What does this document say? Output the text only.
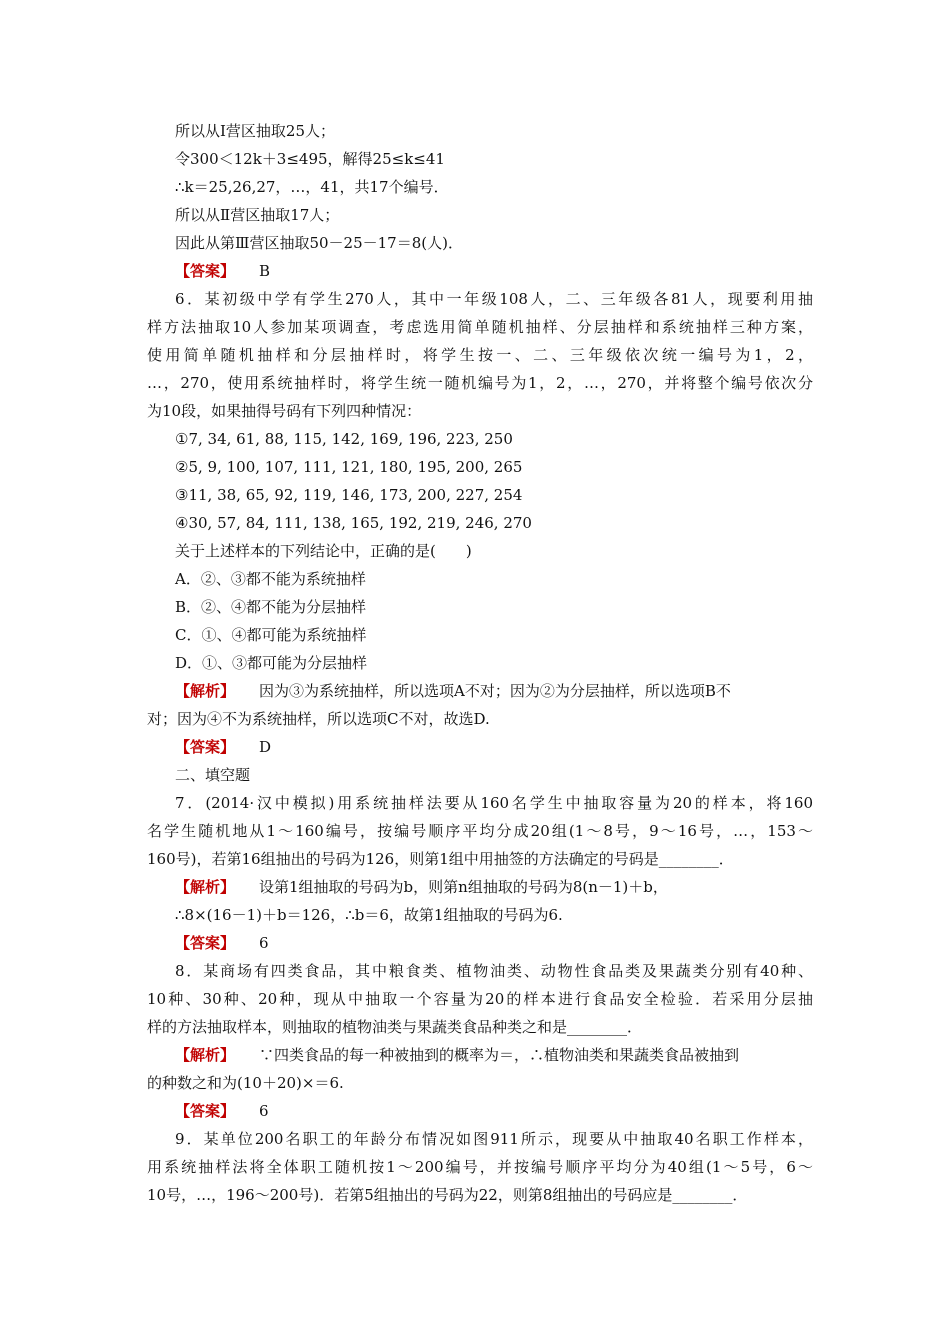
所以从Ⅰ营区抽取25人；
令300＜12k＋3≤495，解得25≤k≤41
∴k＝25,26,27，…，41，共17个编号．
所以从Ⅱ营区抽取17人；
因此从第Ⅲ营区抽取50－25－17＝8(人)．
【答案】 B
6．某初级中学有学生270人，其中一年级108人，二、三年级各81人，现要利用抽
样方法抽取10人参加某项调查，考虑选用简单随机抽样、分层抽样和系统抽样三种方案，
使用简单随机抽样和分层抽样时，将学生按一、二、三年级依次统一编号为1，2，
…，270，使用系统抽样时，将学生统一随机编号为1，2，…，270，并将整个编号依次分
为10段，如果抽得号码有下列四种情况：
①7, 34, 61, 88, 115, 142, 169, 196, 223, 250
②5, 9, 100, 107, 111, 121, 180, 195, 200, 265
③11, 38, 65, 92, 119, 146, 173, 200, 227, 254
④30, 57, 84, 111, 138, 165, 192, 219, 246, 270
关于上述样本的下列结论中，正确的是(　　)
A．②、③都不能为系统抽样
B．②、④都不能为分层抽样
C．①、④都可能为系统抽样
D．①、③都可能为分层抽样
【解析】 因为③为系统抽样，所以选项A不对；因为②为分层抽样，所以选项B不
对；因为④不为系统抽样，所以选项C不对，故选D.
【答案】 D
二、填空题
7．(2014·汉中模拟)用系统抽样法要从160名学生中抽取容量为20的样本，将160
名学生随机地从1～160编号，按编号顺序平均分成20组(1～8号，9～16号，…，153～
160号)，若第16组抽出的号码为126，则第1组中用抽签的方法确定的号码是________．
【解析】 设第1组抽取的号码为b，则第n组抽取的号码为8(n－1)＋b，
∴8×(16－1)＋b＝126，∴b＝6，故第1组抽取的号码为6.
【答案】 6
8．某商场有四类食品，其中粮食类、植物油类、动物性食品类及果蔬类分别有40种、
10种、30种、20种，现从中抽取一个容量为20的样本进行食品安全检验．若采用分层抽
样的方法抽取样本，则抽取的植物油类与果蔬类食品种类之和是________．
【解析】 ∵四类食品的每一种被抽到的概率为＝，∴植物油类和果蔬类食品被抽到
的种数之和为(10＋20)×＝6.
【答案】 6
9．某单位200名职工的年龄分布情况如图911所示，现要从中抽取40名职工作样本，
用系统抽样法将全体职工随机按1～200编号，并按编号顺序平均分为40组(1～5号，6～
10号，…，196～200号)．若第5组抽出的号码为22，则第8组抽出的号码应是________．
